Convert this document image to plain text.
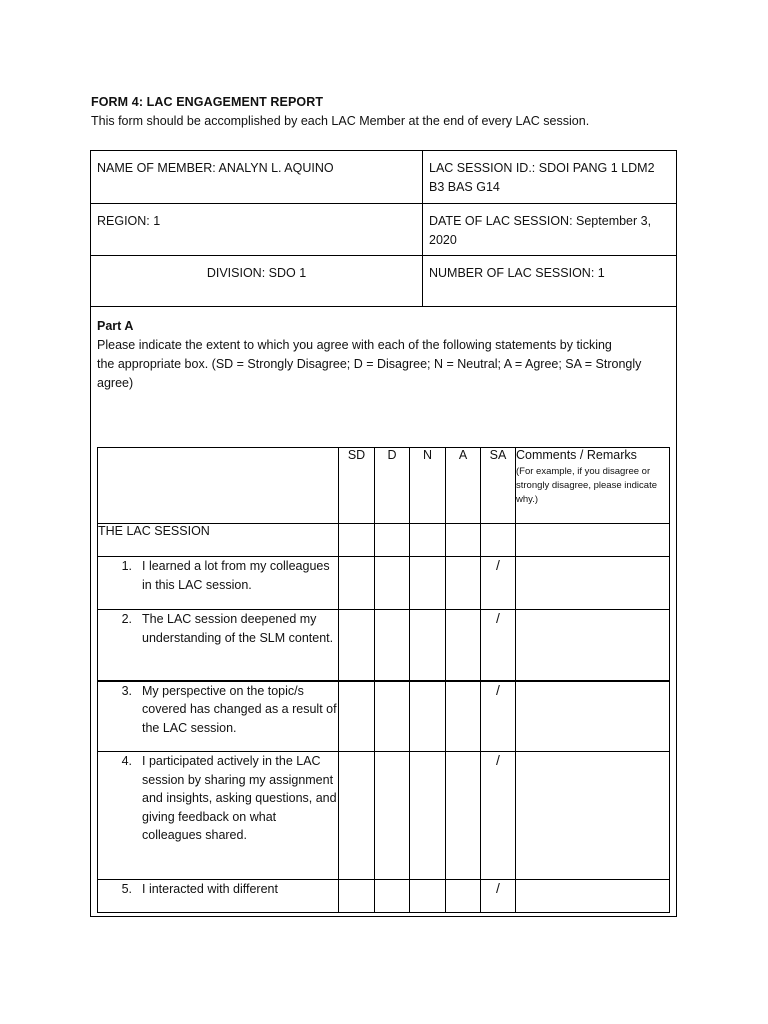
FORM 4: LAC ENGAGEMENT REPORT
This form should be accomplished by each LAC Member at the end of every LAC session.
NAME OF MEMBER: ANALYN L. AQUINO	LAC SESSION ID.: SDOI PANG 1 LDM2 B3 BAS G14
REGION: 1	DATE OF LAC SESSION: September 3, 2020
DIVISION: SDO 1	NUMBER OF LAC SESSION: 1
Part A
Please indicate the extent to which you agree with each of the following statements by ticking
the appropriate box. (SD = Strongly Disagree; D = Disagree; N = Neutral; A = Agree; SA = Strongly agree)
	SD	D	N	A	SA	Comments / Remarks
(For example, if you disagree or strongly disagree, please indicate why.)

THE LAC SESSION						

1. I learned a lot from my colleagues in this LAC session.					/	

2. The LAC session deepened my understanding of the SLM content.					/	

3. My perspective on the topic/s covered has changed as a result of the LAC session.					/	

4. I participated actively in the LAC session by sharing my assignment and insights, asking questions, and giving feedback on what colleagues shared.					/	

5. I interacted with different					/	
